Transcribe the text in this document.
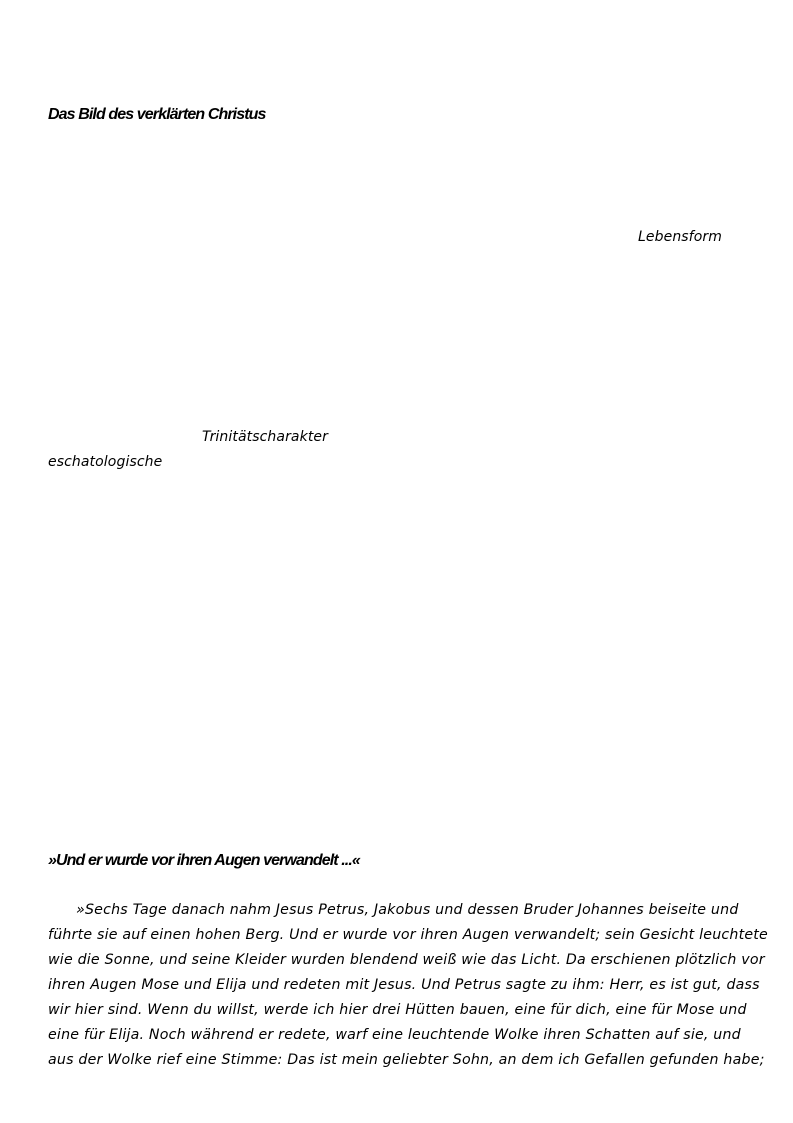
Das Bild des verklärten Christus
Lebensform
Trinitätscharakter
eschatologische
»Und er wurde vor ihren Augen verwandelt ...«
»Sechs Tage danach nahm Jesus Petrus, Jakobus und dessen Bruder Johannes beiseite und
führte sie auf einen hohen Berg. Und er wurde vor ihren Augen verwandelt; sein Gesicht leuchtete
wie die Sonne, und seine Kleider wurden blendend weiß wie das Licht. Da erschienen plötzlich vor
ihren Augen Mose und Elija und redeten mit Jesus. Und Petrus sagte zu ihm: Herr, es ist gut, dass
wir hier sind. Wenn du willst, werde ich hier drei Hütten bauen, eine für dich, eine für Mose und
eine für Elija. Noch während er redete, warf eine leuchtende Wolke ihren Schatten auf sie, und
aus der Wolke rief eine Stimme: Das ist mein geliebter Sohn, an dem ich Gefallen gefunden habe;
